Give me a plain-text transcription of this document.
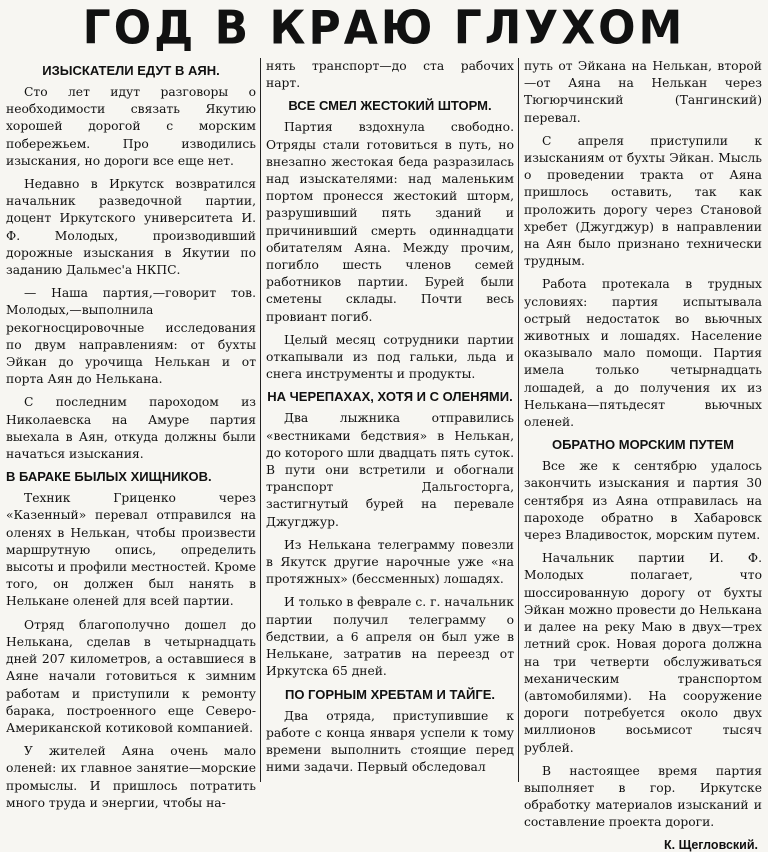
ГОД В КРАЮ ГЛУХОМ
ИЗЫСКАТЕЛИ ЕДУТ В АЯН.

Сто лет идут разговоры о необходимости связать Якутию хорошей дорогой с морским побережьем. Про изводились изыскания, но дороги все еще нет.

Недавно в Иркутск возвратился начальник разведочной партии, доцент Иркутского университета И. Ф. Молодых, производивший дорожные изыскания в Якутии по заданию Дальмес'а НКПС.

— Наша партия,—говорит тов. Молодых,—выполнила рекогносцировочные исследования по двум направлениям: от бухты Эйкан до урочища Нелькан и от порта Аян до Нелькана.

С последним пароходом из Николаевска на Амуре партия выехала в Аян, откуда должны были начаться изыскания.

В БАРАКЕ БЫЛЫХ ХИЩНИКОВ.

Техник Гриценко через «Казенный» перевал отправился на оленях в Нелькан, чтобы произвести маршрутную опись, определить высоты и профили местностей. Кроме того, он должен был нанять в Нелькане оленей для всей партии.

Отряд благополучно дошел до Нелькана, сделав в четырнадцать дней 207 километров, а оставшиеся в Аяне начали готовиться к зимним работам и приступили к ремонту барака, построенного еще Северо-Американской котиковой компанией.

У жителей Аяна очень мало оленей: их главное занятие—морские промыслы. И пришлось потратить много труда и энергии, чтобы на-

нять транспорт—до ста рабочих нарт.

ВСЕ СМЕЛ ЖЕСТОКИЙ ШТОРМ.

Партия вздохнула свободно. Отряды стали готовиться в путь, но внезапно жестокая беда разразилась над изыскателями: над маленьким портом пронесся жестокий шторм, разрушивший пять зданий и причинивший смерть одиннадцати обитателям Аяна. Между прочим, погибло шесть членов семей работников партии. Бурей были сметены склады. Почти весь провиант погиб.

Целый месяц сотрудники партии откапывали из под гальки, льда и снега инструменты и продукты.

НА ЧЕРЕПАХАХ, ХОТЯ И С ОЛЕНЯМИ.

Два лыжника отправились «вестниками бедствия» в Нелькан, до которого шли двадцать пять суток. В пути они встретили и обогнали транспорт Дальгосторга, застигнутый бурей на перевале Джугджур.

Из Нелькана телеграмму повезли в Якутск другие нарочные уже «на протяжных» (бессменных) лошадях.

И только в феврале с. г. начальник партии получил телеграмму о бедствии, а 6 апреля он был уже в Нелькане, затратив на переезд от Иркутска 65 дней.

ПО ГОРНЫМ ХРЕБТАМ И ТАЙГЕ.

Два отряда, приступившие к работе с конца января успели к тому времени выполнить стоящие перед ними задачи. Первый обследовал

путь от Эйкана на Нелькан, второй—от Аяна на Нелькан через Тюгюрчинский (Тангинский) перевал.

С апреля приступили к изысканиям от бухты Эйкан. Мысль о проведении тракта от Аяна пришлось оставить, так как проложить дорогу через Становой хребет (Джугджур) в направлении на Аян было признано технически трудным.

Работа протекала в трудных условиях: партия испытывала острый недостаток во вьючных животных и лошадях. Население оказывало мало помощи. Партия имела только четырнадцать лошадей, а до получения их из Нелькана—пятьдесят вьючных оленей.

ОБРАТНО МОРСКИМ ПУТЕМ

Все же к сентябрю удалось закончить изыскания и партия 30 сентября из Аяна отправилась на пароходе обратно в Хабаровск через Владивосток, морским путем.

Начальник партии И. Ф. Молодых полагает, что шоссированную дорогу от бухты Эйкан можно провести до Нелькана и далее на реку Маю в двух—трех летний срок. Новая дорога должна на три четверти обслуживаться механическим транспортом (автомобилями). На сооружение дороги потребуется около двух миллионов восьмисот тысяч рублей.

В настоящее время партия выполняет в гор. Иркутске обработку материалов изысканий и составление проекта дороги.

К. Щегловский.
